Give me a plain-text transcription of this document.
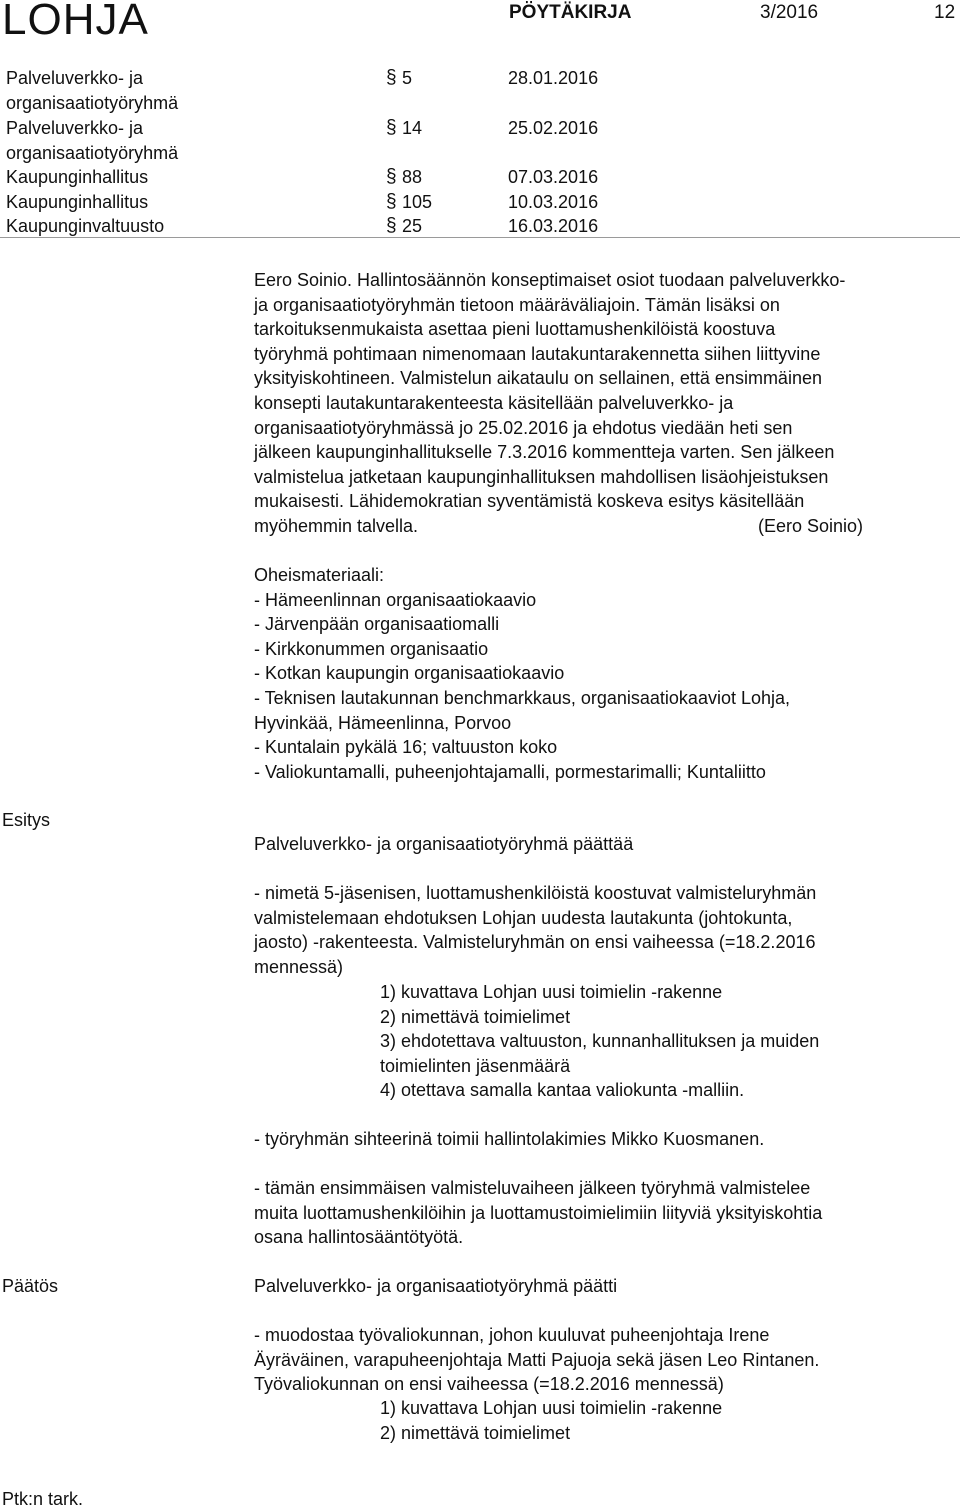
LOHJA	PÖYTÄKIRJA	3/2016	12
Palveluverkko- ja
organisaatiotyöryhmä
§ 5	28.01.2016
Palveluverkko- ja
organisaatiotyöryhmä
§ 14	25.02.2016
Kaupunginhallitus	§ 88	07.03.2016
Kaupunginhallitus	§ 105	10.03.2016
Kaupunginvaltuusto	§ 25	16.03.2016
Eero Soinio. Hallintosäännön konseptimaiset osiot tuodaan palveluverkko-
ja organisaatiotyöryhmän tietoon määräväliajoin. Tämän lisäksi on
tarkoituksenmukaista asettaa pieni luottamushenkilöistä koostuva
työryhmä pohtimaan nimenomaan lautakuntarakennetta siihen liittyvine
yksityiskohtineen. Valmistelun aikataulu on sellainen, että ensimmäinen
konsepti lautakuntarakenteesta käsitellään palveluverkko- ja
organisaatiotyöryhmässä jo 25.02.2016 ja ehdotus viedään heti sen
jälkeen kaupunginhallitukselle 7.3.2016 kommentteja varten. Sen jälkeen
valmistelua jatketaan kaupunginhallituksen mahdollisen lisäohjeistuksen
mukaisesti. Lähidemokratian syventämistä koskeva esitys käsitellään
myöhemmin talvella.	(Eero Soinio)
Oheismateriaali:
- Hämeenlinnan organisaatiokaavio
- Järvenpään organisaatiomalli
- Kirkkonummen organisaatio
- Kotkan kaupungin organisaatiokaavio
- Teknisen lautakunnan benchmarkkaus, organisaatiokaaviot Lohja,
Hyvinkää, Hämeenlinna, Porvoo
- Kuntalain pykälä 16; valtuuston koko
- Valiokuntamalli, puheenjohtajamalli, pormestarimalli; Kuntaliitto
Esitys
Palveluverkko- ja organisaatiotyöryhmä päättää
- nimetä 5-jäsenisen, luottamushenkilöistä koostuvat valmisteluryhmän
valmistelemaan ehdotuksen Lohjan uudesta lautakunta (johtokunta,
jaosto) -rakenteesta. Valmisteluryhmän on ensi vaiheessa (=18.2.2016
mennessä)
1) kuvattava Lohjan uusi toimielin -rakenne
2) nimettävä toimielimet
3) ehdotettava valtuuston, kunnanhallituksen ja muiden
toimielinten jäsenmäärä
4) otettava samalla kantaa valiokunta -malliin.
- työryhmän sihteerinä toimii hallintolakimies Mikko Kuosmanen.
- tämän ensimmäisen valmisteluvaiheen jälkeen työryhmä valmistelee
muita luottamushenkilöihin ja luottamustoimielimiin liityviä yksityiskohtia
osana hallintosääntötyötä.
Päätös	Palveluverkko- ja organisaatiotyöryhmä päätti
- muodostaa työvaliokunnan, johon kuuluvat puheenjohtaja Irene
Äyräväinen, varapuheenjohtaja Matti Pajuoja sekä jäsen Leo Rintanen.
Työvaliokunnan on ensi vaiheessa (=18.2.2016 mennessä)
1) kuvattava Lohjan uusi toimielin -rakenne
2) nimettävä toimielimet
Ptk:n tark.
